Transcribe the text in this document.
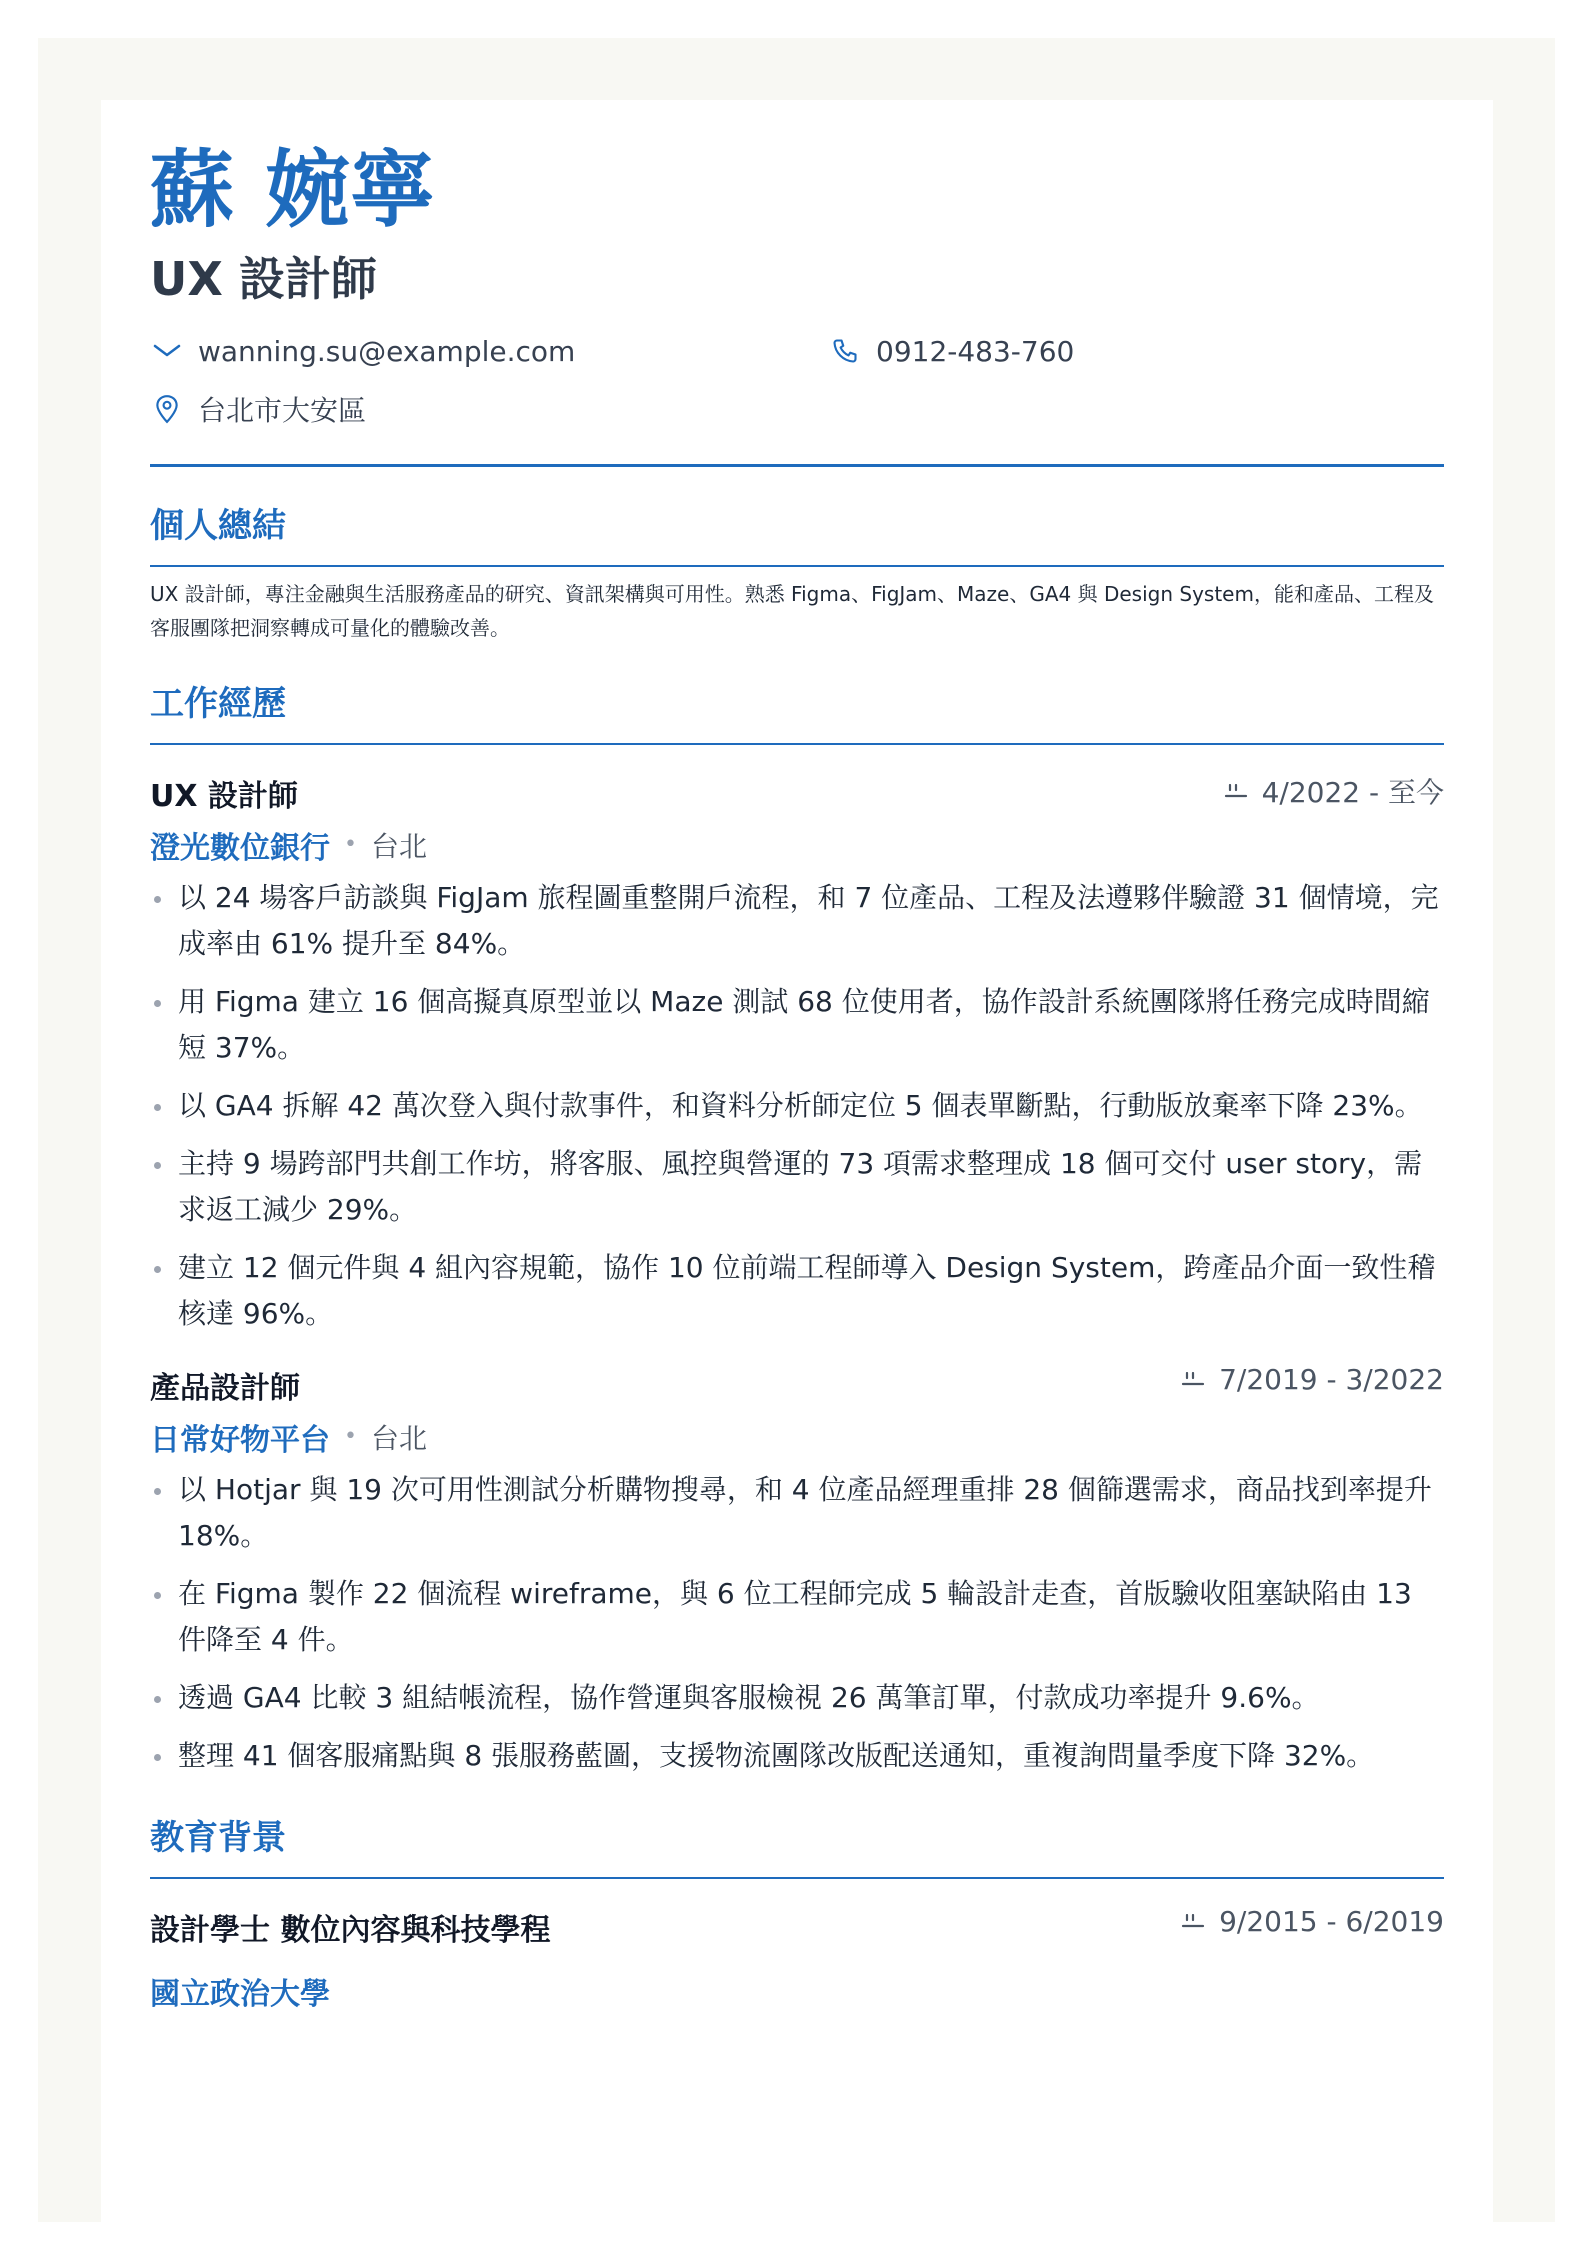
蘇 婉寧
UX 設計師
wanning.su@example.com	0912-483-760
台北市大安區
個人總結
UX 設計師，專注金融與生活服務產品的研究、資訊架構與可用性。熟悉 Figma、FigJam、Maze、GA4 與 Design System，能和產品、工程及客服團隊把洞察轉成可量化的體驗改善。
工作經歷
UX 設計師	4/2022 - 至今
澄光數位銀行 • 台北
以 24 場客戶訪談與 FigJam 旅程圖重整開戶流程，和 7 位產品、工程及法遵夥伴驗證 31 個情境，完成率由 61% 提升至 84%。
用 Figma 建立 16 個高擬真原型並以 Maze 測試 68 位使用者，協作設計系統團隊將任務完成時間縮短 37%。
以 GA4 拆解 42 萬次登入與付款事件，和資料分析師定位 5 個表單斷點，行動版放棄率下降 23%。
主持 9 場跨部門共創工作坊，將客服、風控與營運的 73 項需求整理成 18 個可交付 user story，需求返工減少 29%。
建立 12 個元件與 4 組內容規範，協作 10 位前端工程師導入 Design System，跨產品介面一致性稽核達 96%。
產品設計師	7/2019 - 3/2022
日常好物平台 • 台北
以 Hotjar 與 19 次可用性測試分析購物搜尋，和 4 位產品經理重排 28 個篩選需求，商品找到率提升 18%。
在 Figma 製作 22 個流程 wireframe，與 6 位工程師完成 5 輪設計走查，首版驗收阻塞缺陷由 13 件降至 4 件。
透過 GA4 比較 3 組結帳流程，協作營運與客服檢視 26 萬筆訂單，付款成功率提升 9.6%。
整理 41 個客服痛點與 8 張服務藍圖，支援物流團隊改版配送通知，重複詢問量季度下降 32%。
教育背景
設計學士 數位內容與科技學程	9/2015 - 6/2019
國立政治大學
